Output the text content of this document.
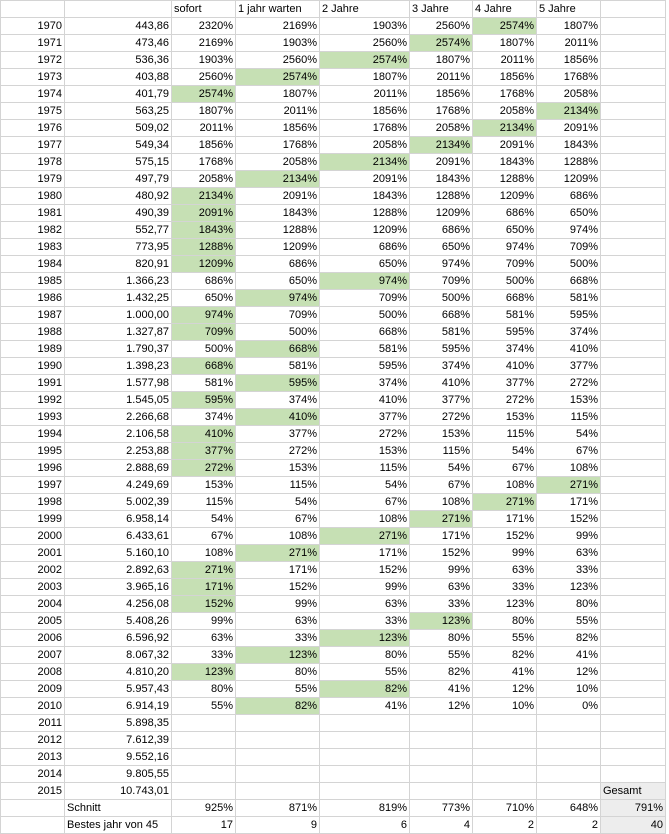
		sofort	1 jahr warten	2 Jahre	3 Jahre	4 Jahre	5 Jahre	
1970	443,86	2320%	2169%	1903%	2560%	2574%	1807%	
1971	473,46	2169%	1903%	2560%	2574%	1807%	2011%	
1972	536,36	1903%	2560%	2574%	1807%	2011%	1856%	
1973	403,88	2560%	2574%	1807%	2011%	1856%	1768%	
1974	401,79	2574%	1807%	2011%	1856%	1768%	2058%	
1975	563,25	1807%	2011%	1856%	1768%	2058%	2134%	
1976	509,02	2011%	1856%	1768%	2058%	2134%	2091%	
1977	549,34	1856%	1768%	2058%	2134%	2091%	1843%	
1978	575,15	1768%	2058%	2134%	2091%	1843%	1288%	
1979	497,79	2058%	2134%	2091%	1843%	1288%	1209%	
1980	480,92	2134%	2091%	1843%	1288%	1209%	686%	
1981	490,39	2091%	1843%	1288%	1209%	686%	650%	
1982	552,77	1843%	1288%	1209%	686%	650%	974%	
1983	773,95	1288%	1209%	686%	650%	974%	709%	
1984	820,91	1209%	686%	650%	974%	709%	500%	
1985	1.366,23	686%	650%	974%	709%	500%	668%	
1986	1.432,25	650%	974%	709%	500%	668%	581%	
1987	1.000,00	974%	709%	500%	668%	581%	595%	
1988	1.327,87	709%	500%	668%	581%	595%	374%	
1989	1.790,37	500%	668%	581%	595%	374%	410%	
1990	1.398,23	668%	581%	595%	374%	410%	377%	
1991	1.577,98	581%	595%	374%	410%	377%	272%	
1992	1.545,05	595%	374%	410%	377%	272%	153%	
1993	2.266,68	374%	410%	377%	272%	153%	115%	
1994	2.106,58	410%	377%	272%	153%	115%	54%	
1995	2.253,88	377%	272%	153%	115%	54%	67%	
1996	2.888,69	272%	153%	115%	54%	67%	108%	
1997	4.249,69	153%	115%	54%	67%	108%	271%	
1998	5.002,39	115%	54%	67%	108%	271%	171%	
1999	6.958,14	54%	67%	108%	271%	171%	152%	
2000	6.433,61	67%	108%	271%	171%	152%	99%	
2001	5.160,10	108%	271%	171%	152%	99%	63%	
2002	2.892,63	271%	171%	152%	99%	63%	33%	
2003	3.965,16	171%	152%	99%	63%	33%	123%	
2004	4.256,08	152%	99%	63%	33%	123%	80%	
2005	5.408,26	99%	63%	33%	123%	80%	55%	
2006	6.596,92	63%	33%	123%	80%	55%	82%	
2007	8.067,32	33%	123%	80%	55%	82%	41%	
2008	4.810,20	123%	80%	55%	82%	41%	12%	
2009	5.957,43	80%	55%	82%	41%	12%	10%	
2010	6.914,19	55%	82%	41%	12%	10%	0%	
2011	5.898,35							
2012	7.612,39							
2013	9.552,16							
2014	9.805,55							
2015	10.743,01							Gesamt
	Schnitt	925%	871%	819%	773%	710%	648%	791%
	Bestes jahr von 45	17	9	6	4	2	2	40
